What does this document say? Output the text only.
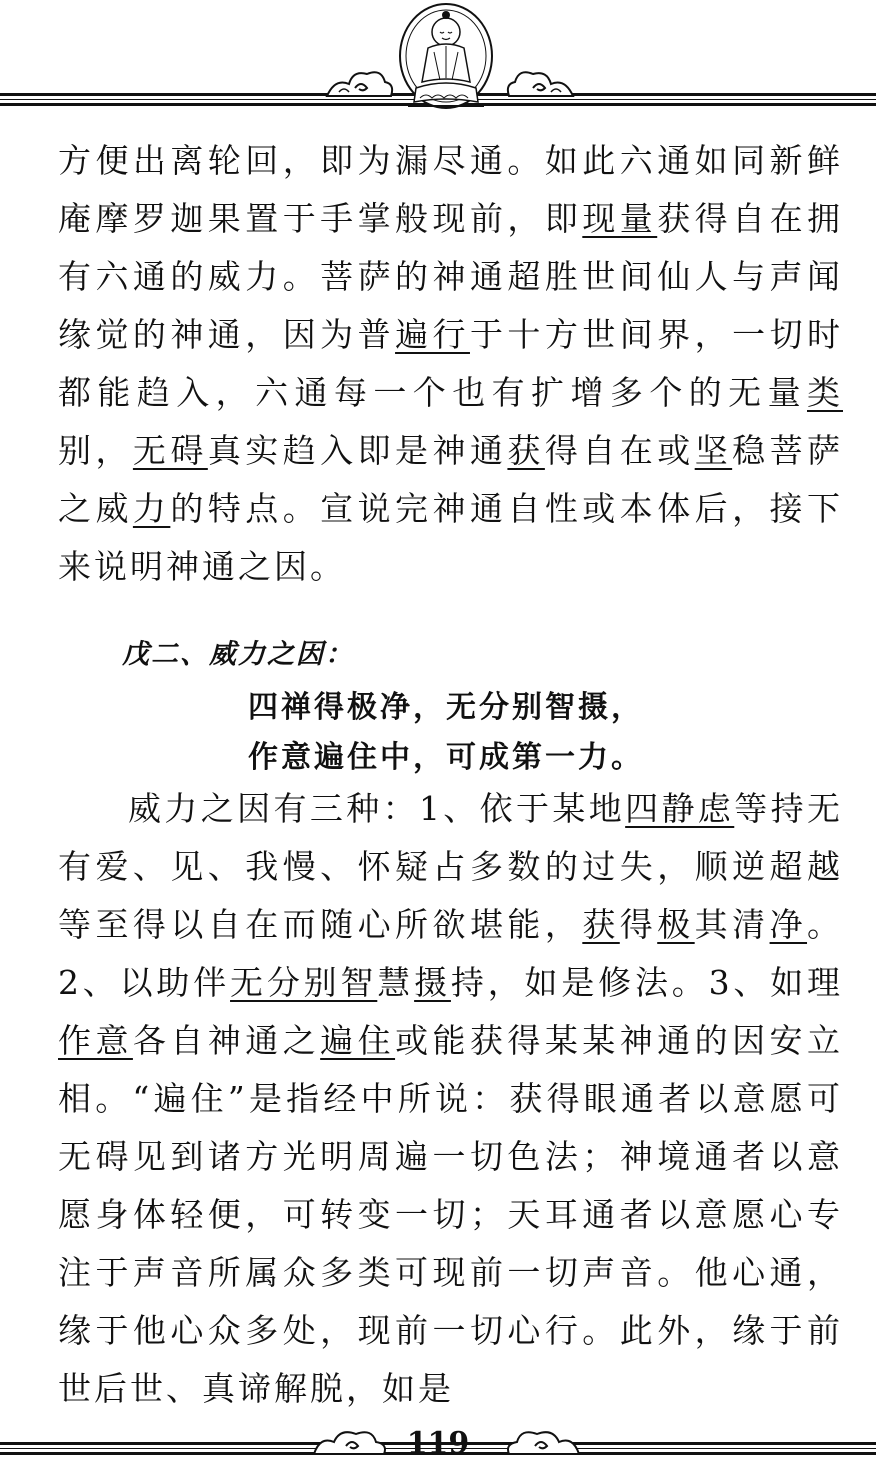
方便出离轮回，即为漏尽通。如此六通如同新鲜庵摩罗迦果置于手掌般现前，即现量获得自在拥有六通的威力。菩萨的神通超胜世间仙人与声闻缘觉的神通，因为普遍行于十方世间界，一切时都能趋入，六通每一个也有扩增多个的无量类别，无碍真实趋入即是神通获得自在或坚稳菩萨之威力的特点。宣说完神通自性或本体后，接下来说明神通之因。

戊二、威力之因：
四禅得极净，无分别智摄，
作意遍住中，可成第一力。

威力之因有三种：1、依于某地四静虑等持无有爱、见、我慢、怀疑占多数的过失，顺逆超越等至得以自在而随心所欲堪能，获得极其清净。2、以助伴无分别智慧摄持，如是修法。3、如理作意各自神通之遍住或能获得某某神通的因安立相。“遍住”是指经中所说：获得眼通者以意愿可无碍见到诸方光明周遍一切色法；神境通者以意愿身体轻便，可转变一切；天耳通者以意愿心专注于声音所属众多类可现前一切声音。他心通，缘于他心众多处，现前一切心行。此外，缘于前世后世、真谛解脱，如是

119
